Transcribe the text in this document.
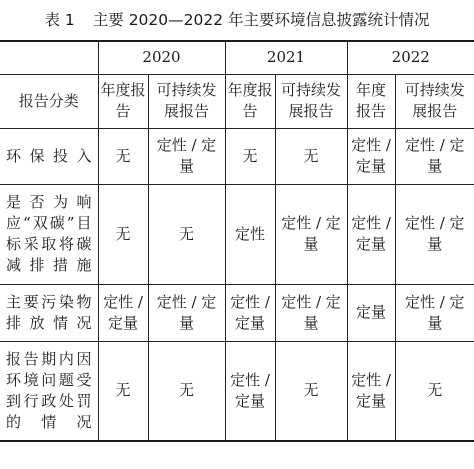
表 1 主要 2020—2022 年主要环境信息披露统计情况
	2020		2021		2022	
报告分类	年度报告	可持续发展报告	年度报告	可持续发展报告	年度报告	可持续发展报告
环保投入	无	定性 / 定量	无	无	定性 / 定量	定性 / 定量
是否为响应“双碳”目标采取将碳减排措施	无	无	定性	定性 / 定量	定性 / 定量	定性 / 定量
主要污染物排放情况	定性 / 定量	定性 / 定量	定性 / 定量	定性 / 定量	定量	定性 / 定量
报告期内因环境问题受到行政处罚的情况	无	无	定性 / 定量	无	定性 / 定量	无
